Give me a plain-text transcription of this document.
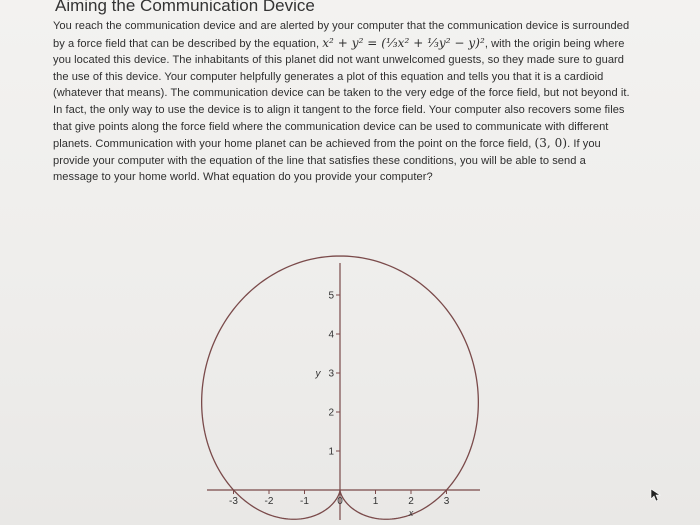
Aiming the Communication Device
You reach the communication device and are alerted by your computer that the communication device is surrounded by a force field that can be described by the equation, x² + y² = (⅓x² + ⅓y² − y)², with the origin being where you located this device. The inhabitants of this planet did not want unwelcomed guests, so they made sure to guard the use of this device. Your computer helpfully generates a plot of this equation and tells you that it is a cardioid (whatever that means). The communication device can be taken to the very edge of the force field, but not beyond it. In fact, the only way to use the device is to align it tangent to the force field. Your computer also recovers some files that give points along the force field where the communication device can be used to communicate with different planets. Communication with your home planet can be achieved from the point on the force field, (3, 0). If you provide your computer with the equation of the line that satisfies these conditions, you will be able to send a message to your home world. What equation do you provide your computer?
-3	-2	-1	0	1	2	3
1
2
3
4
5
y
x
